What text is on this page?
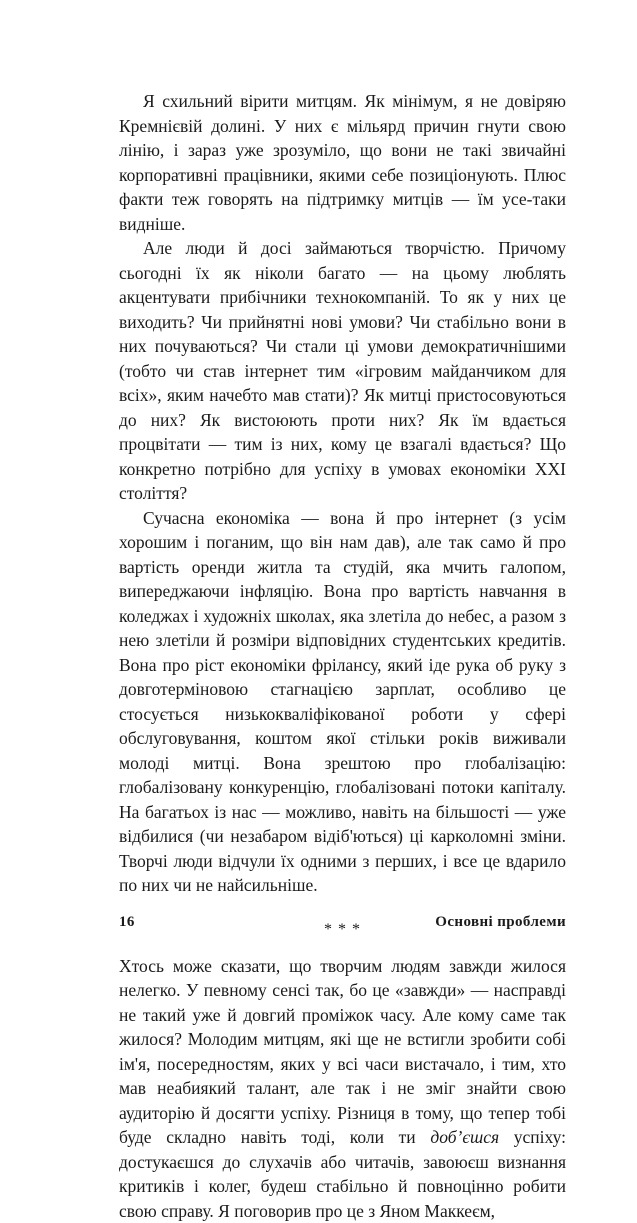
Я схильний вірити митцям. Як мінімум, я не довіряю Кремнієвій долині. У них є мільярд причин гнути свою лінію, і зараз уже зрозуміло, що вони не такі звичайні корпоративні працівники, якими себе позиціонують. Плюс факти теж говорять на підтримку митців — їм усе-таки видніше.

Але люди й досі займаються творчістю. Причому сьогодні їх як ніколи багато — на цьому люблять акцентувати прибічники технокомпаній. То як у них це виходить? Чи прийнятні нові умови? Чи стабільно вони в них почуваються? Чи стали ці умови демократичнішими (тобто чи став інтернет тим «ігровим майданчиком для всіх», яким начебто мав стати)? Як митці пристосовуються до них? Як вистоюють проти них? Як їм вдається процвітати — тим із них, кому це взагалі вдається? Що конкретно потрібно для успіху в умовах економіки ХХІ століття?

Сучасна економіка — вона й про інтернет (з усім хорошим і поганим, що він нам дав), але так само й про вартість оренди житла та студій, яка мчить галопом, випереджаючи інфляцію. Вона про вартість навчання в коледжах і художніх школах, яка злетіла до небес, а разом з нею злетіли й розміри відповідних студентських кредитів. Вона про ріст економіки фрілансу, який іде рука об руку з довготерміновою стагнацією зарплат, особливо це стосується низькокваліфікованої роботи у сфері обслуговування, коштом якої стільки років виживали молоді митці. Вона зрештою про глобалізацію: глобалізовану конкуренцію, глобалізовані потоки капіталу. На багатьох із нас — можливо, навіть на більшості — уже відбилися (чи незабаром відіб'ються) ці карколомні зміни. Творчі люди відчули їх одними з перших, і все це вдарило по них чи не найсильніше.

* * *

Хтось може сказати, що творчим людям завжди жилося нелегко. У певному сенсі так, бо це «завжди» — насправді не такий уже й довгий проміжок часу. Але кому саме так жилося? Молодим митцям, які ще не встигли зробити собі ім'я, посередностям, яких у всі часи вистачало, і тим, хто мав неабиякий талант, але так і не зміг знайти свою аудиторію й досягти успіху. Різниця в тому, що тепер тобі буде складно навіть тоді, коли ти добʼєшся успіху: достукаєшся до слухачів або читачів, завоюєш визнання критиків і колег, будеш стабільно й повноцінно робити свою справу. Я поговорив про це з Яном Маккеєм,

16	Основні проблеми
